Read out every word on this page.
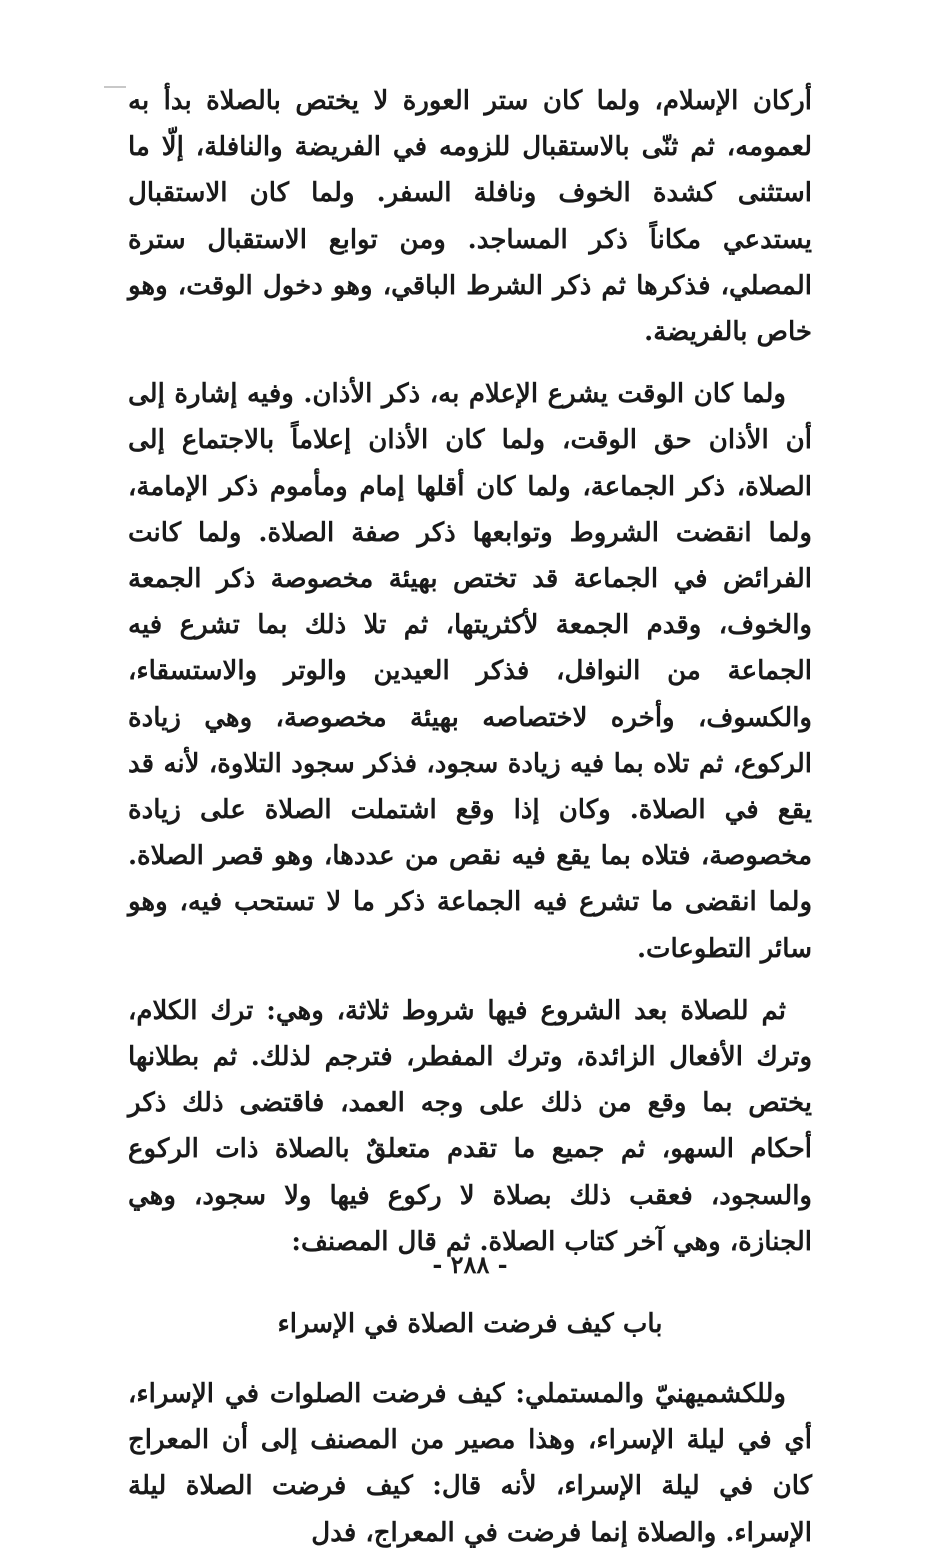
أركان الإسلام، ولما كان ستر العورة لا يختص بالصلاة بدأ به لعمومه، ثم ثنّى بالاستقبال للزومه في الفريضة والنافلة، إلّا ما استثنى كشدة الخوف ونافلة السفر. ولما كان الاستقبال يستدعي مكاناً ذكر المساجد. ومن توابع الاستقبال سترة المصلي، فذكرها ثم ذكر الشرط الباقي، وهو دخول الوقت، وهو خاص بالفريضة.

ولما كان الوقت يشرع الإعلام به، ذكر الأذان. وفيه إشارة إلى أن الأذان حق الوقت، ولما كان الأذان إعلاماً بالاجتماع إلى الصلاة، ذكر الجماعة، ولما كان أقلها إمام ومأموم ذكر الإمامة، ولما انقضت الشروط وتوابعها ذكر صفة الصلاة. ولما كانت الفرائض في الجماعة قد تختص بهيئة مخصوصة ذكر الجمعة والخوف، وقدم الجمعة لأكثريتها، ثم تلا ذلك بما تشرع فيه الجماعة من النوافل، فذكر العيدين والوتر والاستسقاء، والكسوف، وأخره لاختصاصه بهيئة مخصوصة، وهي زيادة الركوع، ثم تلاه بما فيه زيادة سجود، فذكر سجود التلاوة، لأنه قد يقع في الصلاة. وكان إذا وقع اشتملت الصلاة على زيادة مخصوصة، فتلاه بما يقع فيه نقص من عددها، وهو قصر الصلاة. ولما انقضى ما تشرع فيه الجماعة ذكر ما لا تستحب فيه، وهو سائر التطوعات.

ثم للصلاة بعد الشروع فيها شروط ثلاثة، وهي: ترك الكلام، وترك الأفعال الزائدة، وترك المفطر، فترجم لذلك. ثم بطلانها يختص بما وقع من ذلك على وجه العمد، فاقتضى ذلك ذكر أحكام السهو، ثم جميع ما تقدم متعلقٌ بالصلاة ذات الركوع والسجود، فعقب ذلك بصلاة لا ركوع فيها ولا سجود، وهي الجنازة، وهي آخر كتاب الصلاة. ثم قال المصنف:

باب كيف فرضت الصلاة في الإسراء

وللكشميهنيّ والمستملي: كيف فرضت الصلوات في الإسراء، أي في ليلة الإسراء، وهذا مصير من المصنف إلى أن المعراج كان في ليلة الإسراء، لأنه قال: كيف فرضت الصلاة ليلة الإسراء. والصلاة إنما فرضت في المعراج، فدل

- ٢٨٨ -
